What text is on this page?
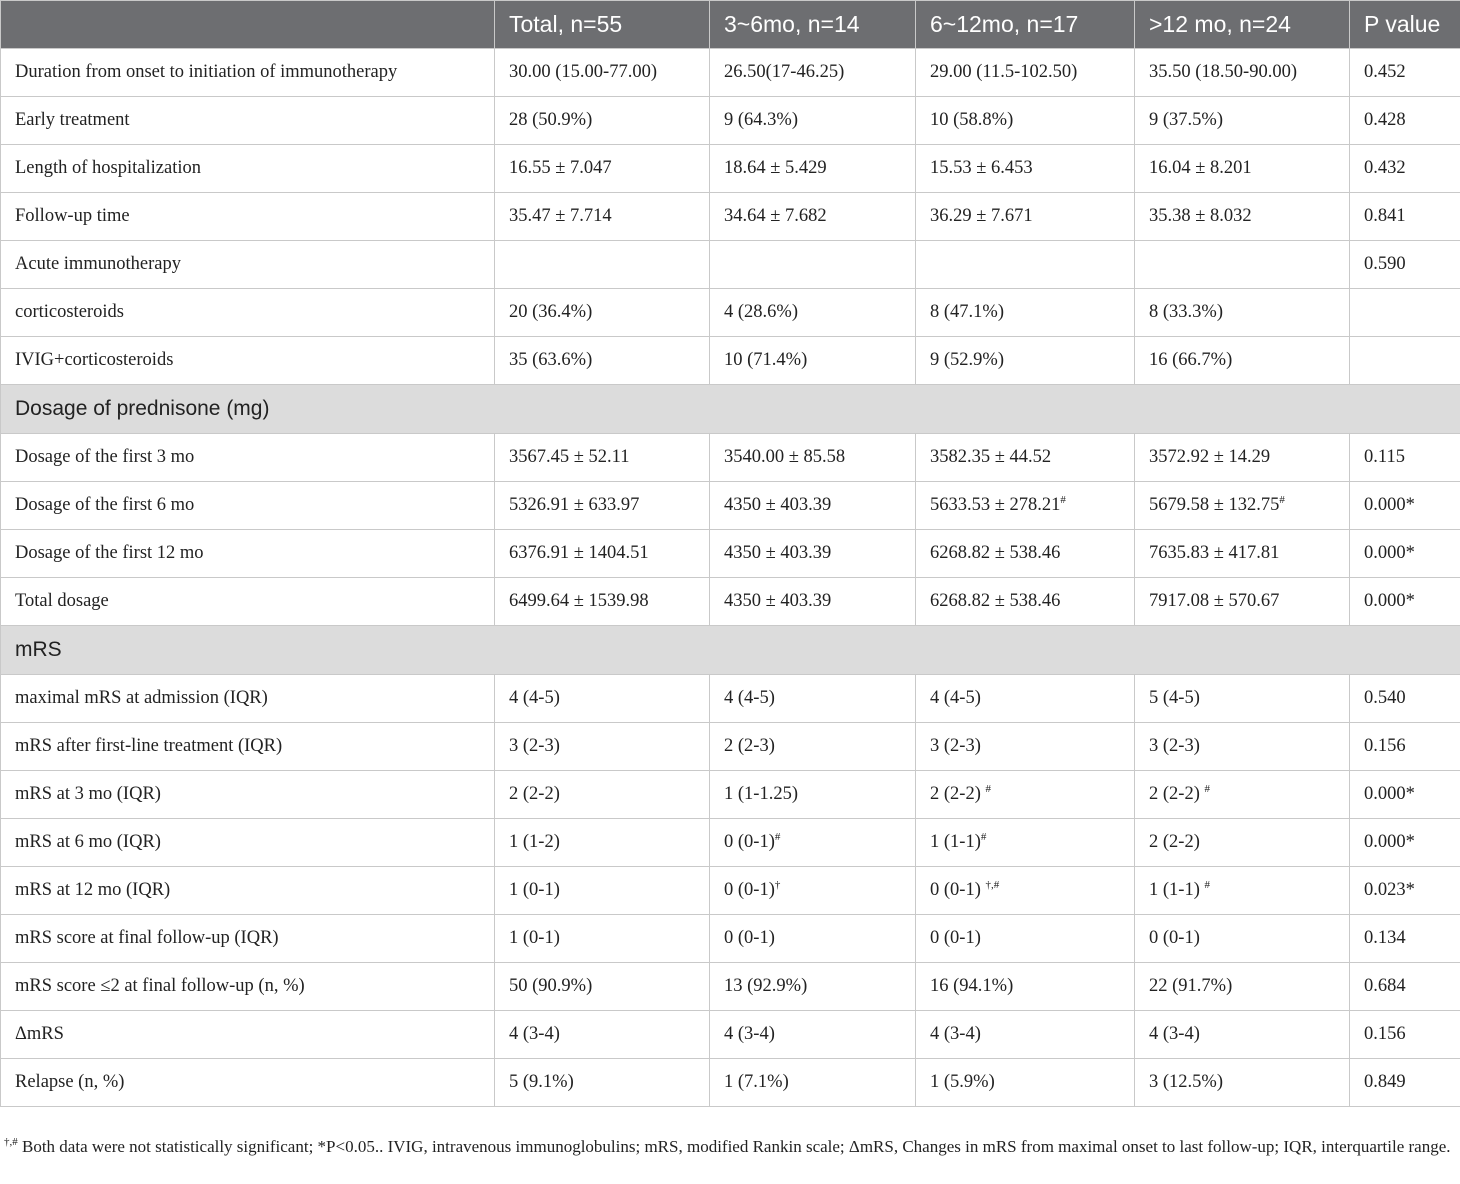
	Total, n=55	3~6mo, n=14	6~12mo, n=17	>12 mo, n=24	P value
Duration from onset to initiation of immunotherapy	30.00 (15.00-77.00)	26.50(17-46.25)	29.00 (11.5-102.50)	35.50 (18.50-90.00)	0.452
Early treatment	28 (50.9%)	9 (64.3%)	10 (58.8%)	9 (37.5%)	0.428
Length of hospitalization	16.55 ± 7.047	18.64 ± 5.429	15.53 ± 6.453	16.04 ± 8.201	0.432
Follow-up time	35.47 ± 7.714	34.64 ± 7.682	36.29 ± 7.671	35.38 ± 8.032	0.841
Acute immunotherapy					0.590
corticosteroids	20 (36.4%)	4 (28.6%)	8 (47.1%)	8 (33.3%)	
IVIG+corticosteroids	35 (63.6%)	10 (71.4%)	9 (52.9%)	16 (66.7%)	
Dosage of prednisone (mg)					
Dosage of the first 3 mo	3567.45 ± 52.11	3540.00 ± 85.58	3582.35 ± 44.52	3572.92 ± 14.29	0.115
Dosage of the first 6 mo	5326.91 ± 633.97	4350 ± 403.39	5633.53 ± 278.21#	5679.58 ± 132.75#	0.000*
Dosage of the first 12 mo	6376.91 ± 1404.51	4350 ± 403.39	6268.82 ± 538.46	7635.83 ± 417.81	0.000*
Total dosage	6499.64 ± 1539.98	4350 ± 403.39	6268.82 ± 538.46	7917.08 ± 570.67	0.000*
mRS					
maximal mRS at admission (IQR)	4 (4-5)	4 (4-5)	4 (4-5)	5 (4-5)	0.540
mRS after first-line treatment (IQR)	3 (2-3)	2 (2-3)	3 (2-3)	3 (2-3)	0.156
mRS at 3 mo (IQR)	2 (2-2)	1 (1-1.25)	2 (2-2) #	2 (2-2) #	0.000*
mRS at 6 mo (IQR)	1 (1-2)	0 (0-1)#	1 (1-1)#	2 (2-2)	0.000*
mRS at 12 mo (IQR)	1 (0-1)	0 (0-1)†	0 (0-1) †,#	1 (1-1) #	0.023*
mRS score at final follow-up (IQR)	1 (0-1)	0 (0-1)	0 (0-1)	0 (0-1)	0.134
mRS score ≤2 at final follow-up (n, %)	50 (90.9%)	13 (92.9%)	16 (94.1%)	22 (91.7%)	0.684
ΔmRS	4 (3-4)	4 (3-4)	4 (3-4)	4 (3-4)	0.156
Relapse (n, %)	5 (9.1%)	1 (7.1%)	1 (5.9%)	3 (12.5%)	0.849
†,# Both data were not statistically significant; *P<0.05.. IVIG, intravenous immunoglobulins; mRS, modified Rankin scale; ΔmRS, Changes in mRS from maximal onset to last follow-up; IQR, interquartile range.
